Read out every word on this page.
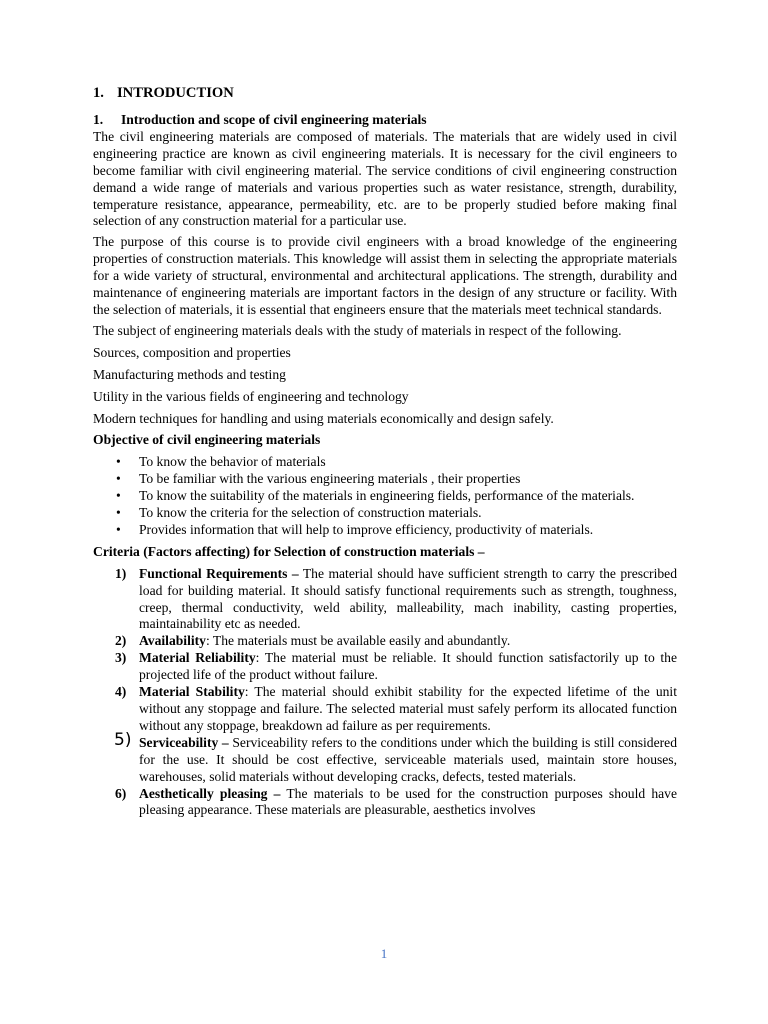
1. INTRODUCTION
1. Introduction and scope of civil engineering materials

The civil engineering materials are composed of materials. The materials that are widely used in civil engineering practice are known as civil engineering materials. It is necessary for the civil engineers to become familiar with civil engineering material. The service conditions of civil engineering construction demand a wide range of materials and various properties such as water resistance, strength, durability, temperature resistance, appearance, permeability, etc. are to be properly studied before making final selection of any construction material for a particular use.

The purpose of this course is to provide civil engineers with a broad knowledge of the engineering properties of construction materials. This knowledge will assist them in selecting the appropriate materials for a wide variety of structural, environmental and architectural applications. The strength, durability and maintenance of engineering materials are important factors in the design of any structure or facility. With the selection of materials, it is essential that engineers ensure that the materials meet technical standards.

The subject of engineering materials deals with the study of materials in respect of the following.

Sources, composition and properties

Manufacturing methods and testing

Utility in the various fields of engineering and technology

Modern techniques for handling and using materials economically and design safely.

Objective of civil engineering materials
• To know the behavior of materials
• To be familiar with the various engineering materials , their properties
• To know the suitability of the materials in engineering fields, performance of the materials.
• To know the criteria for the selection of construction materials.
• Provides information that will help to improve efficiency, productivity of materials.
Criteria (Factors affecting) for Selection of construction materials –
1) Functional Requirements – The material should have sufficient strength to carry the prescribed load for building material. It should satisfy functional requirements such as strength, toughness, creep, thermal conductivity, weld ability, malleability, mach inability, casting properties, maintainability etc as needed.
2) Availability: The materials must be available easily and abundantly.
3) Material Reliability: The material must be reliable. It should function satisfactorily up to the projected life of the product without failure.
4) Material Stability: The material should exhibit stability for the expected lifetime of the unit without any stoppage and failure. The selected material must safely perform its allocated function without any stoppage, breakdown ad failure as per requirements.
5) Serviceability – Serviceability refers to the conditions under which the building is still considered for the use. It should be cost effective, serviceable materials used, maintain store houses, warehouses, solid materials without developing cracks, defects, tested materials.
6) Aesthetically pleasing – The materials to be used for the construction purposes should have pleasing appearance. These materials are pleasurable, aesthetics involves
1
